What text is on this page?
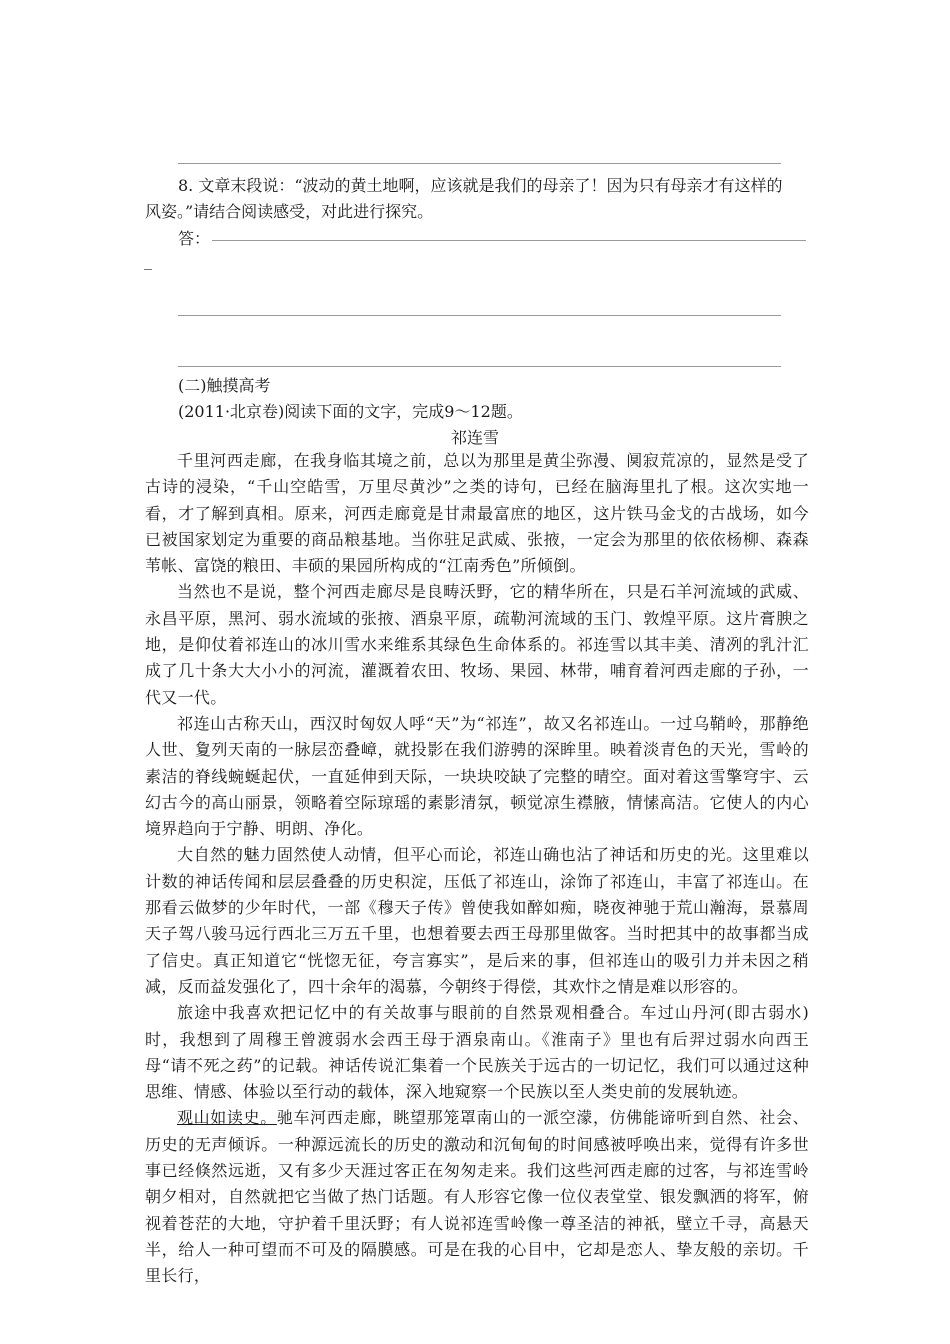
8. 文章末段说：“波动的黄土地啊，应该就是我们的母亲了！因为只有母亲才有这样的
风姿。”请结合阅读感受，对此进行探究。
答：
_
(二)触摸高考
(2011·北京卷)阅读下面的文字，完成9～12题。
祁连雪

千里河西走廊，在我身临其境之前，总以为那里是黄尘弥漫、阒寂荒凉的，显然是受了古诗的浸染，“千山空皓雪，万里尽黄沙”之类的诗句，已经在脑海里扎了根。这次实地一看，才了解到真相。原来，河西走廊竟是甘肃最富庶的地区，这片铁马金戈的古战场，如今已被国家划定为重要的商品粮基地。当你驻足武威、张掖，一定会为那里的依依杨柳、森森苇帐、富饶的粮田、丰硕的果园所构成的“江南秀色”所倾倒。

当然也不是说，整个河西走廊尽是良畴沃野，它的精华所在，只是石羊河流域的武威、永昌平原，黑河、弱水流域的张掖、酒泉平原，疏勒河流域的玉门、敦煌平原。这片膏腴之地，是仰仗着祁连山的冰川雪水来维系其绿色生命体系的。祁连雪以其丰美、清冽的乳汁汇成了几十条大大小小的河流，灌溉着农田、牧场、果园、林带，哺育着河西走廊的子孙，一代又一代。

祁连山古称天山，西汉时匈奴人呼“天”为“祁连”，故又名祁连山。一过乌鞘岭，那静绝人世、夐列天南的一脉层峦叠嶂，就投影在我们游骋的深眸里。映着淡青色的天光，雪岭的素洁的脊线蜿蜒起伏，一直延伸到天际，一块块咬缺了完整的晴空。面对着这雪擎穹宇、云幻古今的高山丽景，领略着空际琼瑶的素影清氛，顿觉凉生襟腋，情愫高洁。它使人的内心境界趋向于宁静、明朗、净化。

大自然的魅力固然使人动情，但平心而论，祁连山确也沾了神话和历史的光。这里难以计数的神话传闻和层层叠叠的历史积淀，压低了祁连山，涂饰了祁连山，丰富了祁连山。在那看云做梦的少年时代，一部《穆天子传》曾使我如醉如痴，晓夜神驰于荒山瀚海，景慕周天子驾八骏马远行西北三万五千里，也想着要去西王母那里做客。当时把其中的故事都当成了信史。真正知道它“恍惚无征，夸言寡实”，是后来的事，但祁连山的吸引力并未因之稍减，反而益发强化了，四十余年的渴慕，今朝终于得偿，其欢忭之情是难以形容的。

旅途中我喜欢把记忆中的有关故事与眼前的自然景观相叠合。车过山丹河(即古弱水)时，我想到了周穆王曾渡弱水会西王母于酒泉南山。《淮南子》里也有后羿过弱水向西王母“请不死之药”的记载。神话传说汇集着一个民族关于远古的一切记忆，我们可以通过这种思维、情感、体验以至行动的载体，深入地窥察一个民族以至人类史前的发展轨迹。

观山如读史。驰车河西走廊，眺望那笼罩南山的一派空濛，仿佛能谛听到自然、社会、历史的无声倾诉。一种源远流长的历史的激动和沉甸甸的时间感被呼唤出来，觉得有许多世事已经倏然远逝，又有多少天涯过客正在匆匆走来。我们这些河西走廊的过客，与祁连雪岭朝夕相对，自然就把它当做了热门话题。有人形容它像一位仪表堂堂、银发飘洒的将军，俯视着苍茫的大地，守护着千里沃野；有人说祁连雪岭像一尊圣洁的神祇，壁立千寻，高悬天半，给人一种可望而不可及的隔膜感。可是在我的心目中，它却是恋人、挚友般的亲切。千里长行，
